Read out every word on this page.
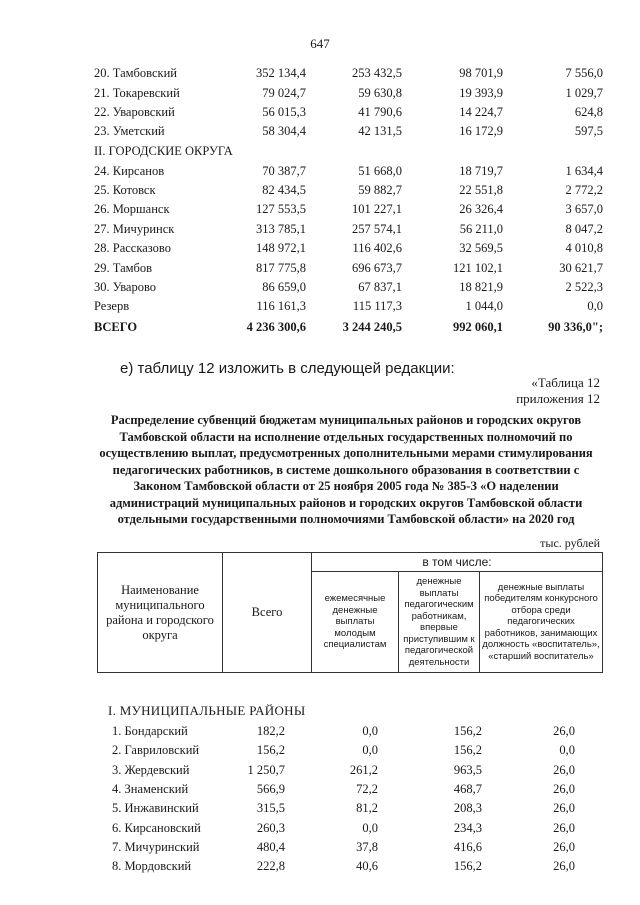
647
20. Тамбовский	352 134,4	253 432,5	98 701,9	7 556,0
21. Токаревский	79 024,7	59 630,8	19 393,9	1 029,7
22. Уваровский	56 015,3	41 790,6	14 224,7	624,8
23. Уметский	58 304,4	42 131,5	16 172,9	597,5
II. ГОРОДСКИЕ ОКРУГА
24. Кирсанов	70 387,7	51 668,0	18 719,7	1 634,4
25. Котовск	82 434,5	59 882,7	22 551,8	2 772,2
26. Моршанск	127 553,5	101 227,1	26 326,4	3 657,0
27. Мичуринск	313 785,1	257 574,1	56 211,0	8 047,2
28. Рассказово	148 972,1	116 402,6	32 569,5	4 010,8
29. Тамбов	817 775,8	696 673,7	121 102,1	30 621,7
30. Уварово	86 659,0	67 837,1	18 821,9	2 522,3
Резерв	116 161,3	115 117,3	1 044,0	0,0
ВСЕГО	4 236 300,6	3 244 240,5	992 060,1	90 336,0";
е) таблицу 12 изложить в следующей редакции:
«Таблица 12
приложения 12
Распределение субвенций бюджетам муниципальных районов и городских округов Тамбовской области на исполнение отдельных государственных полномочий по осуществлению выплат, предусмотренных дополнительными мерами стимулирования педагогических работников, в системе дошкольного образования в соответствии с Законом Тамбовской области от 25 ноября 2005 года № 385-З «О наделении администраций муниципальных районов и городских округов Тамбовской области отдельными государственными полномочиями Тамбовской области» на 2020 год
тыс. рублей
Наименование муниципального района и городского округа	Всего	в том числе:		
		ежемесячные денежные выплаты молодым специалистам	денежные выплаты педагогическим работникам, впервые приступившим к педагогической деятельности	денежные выплаты победителям конкурсного отбора среди педагогических работников, занимающих должность «воспитатель», «старший воспитатель»
I. МУНИЦИПАЛЬНЫЕ РАЙОНЫ
1. Бондарский	182,2	0,0	156,2	26,0
2. Гавриловский	156,2	0,0	156,2	0,0
3. Жердевский	1 250,7	261,2	963,5	26,0
4. Знаменский	566,9	72,2	468,7	26,0
5. Инжавинский	315,5	81,2	208,3	26,0
6. Кирсановский	260,3	0,0	234,3	26,0
7. Мичуринский	480,4	37,8	416,6	26,0
8. Мордовский	222,8	40,6	156,2	26,0
